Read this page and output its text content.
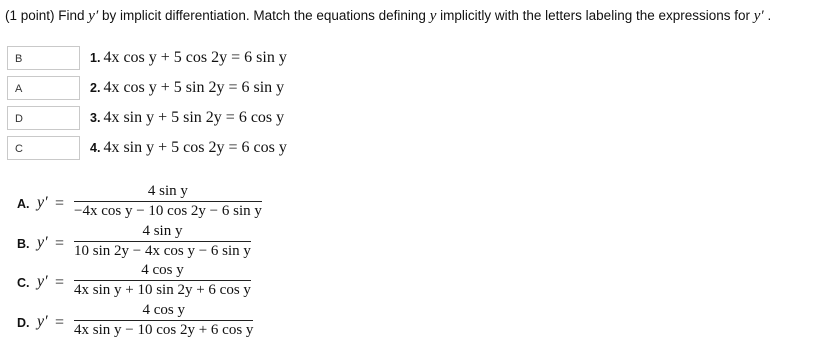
(1 point) Find y′ by implicit differentiation. Match the equations defining y implicitly with the letters labeling the expressions for y′ .
B	1. 4x cos y + 5 cos 2y = 6 sin y
A	2. 4x cos y + 5 sin 2y = 6 sin y
D	3. 4x sin y + 5 sin 2y = 6 cos y
C	4. 4x sin y + 5 cos 2y = 6 cos y
A. y′ =
4 sin y
−4x cos y − 10 cos 2y − 6 sin y
B. y′ =
4 sin y
10 sin 2y − 4x cos y − 6 sin y
C. y′ =
4 cos y
4x sin y + 10 sin 2y + 6 cos y
D. y′ =
4 cos y
4x sin y − 10 cos 2y + 6 cos y
